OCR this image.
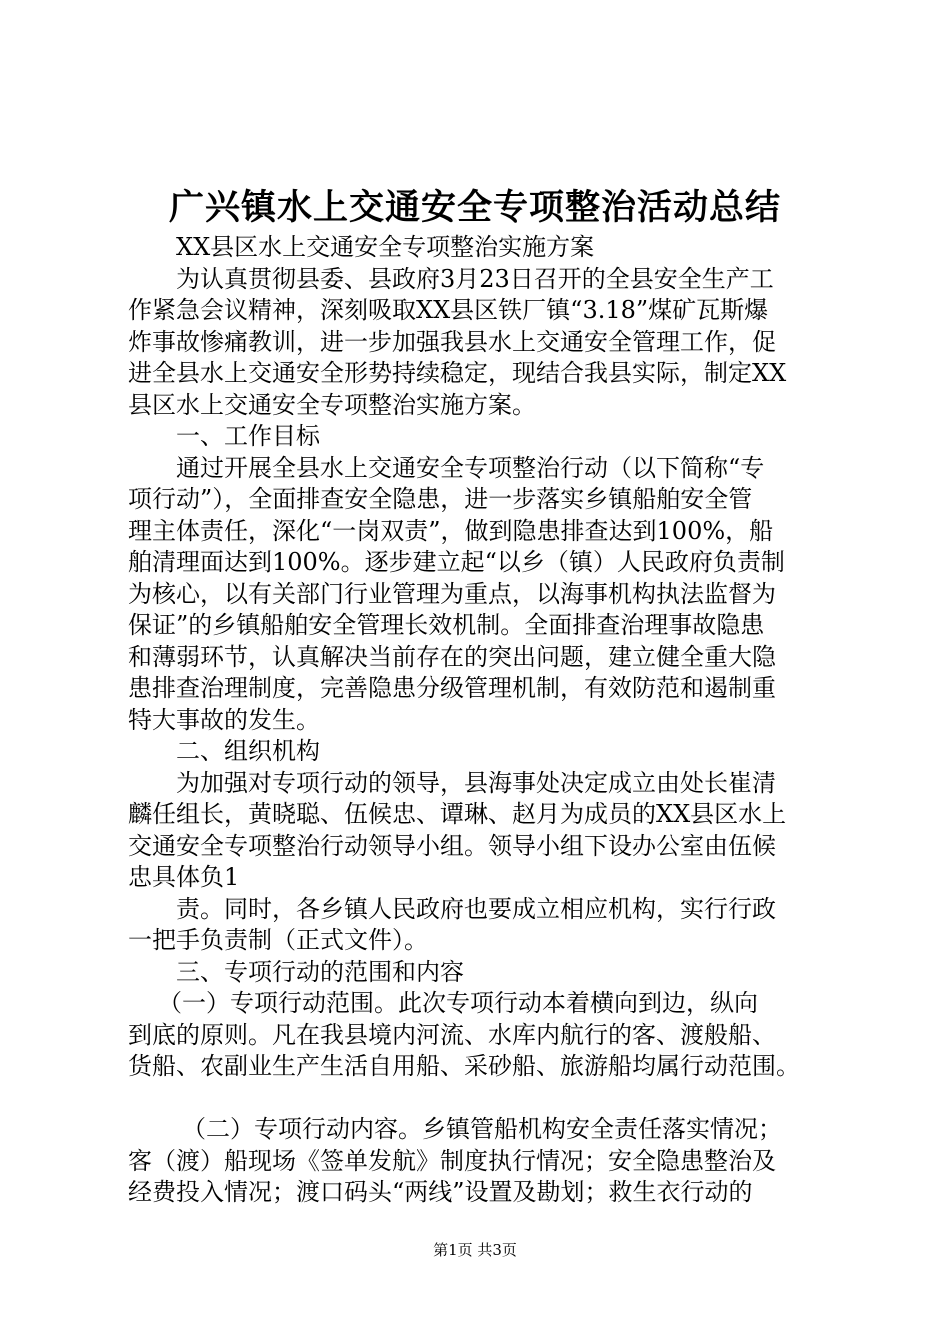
广兴镇水上交通安全专项整治活动总结
XX县区水上交通安全专项整治实施方案
为认真贯彻县委、县政府3月23日召开的全县安全生产工
作紧急会议精神，深刻吸取XX县区铁厂镇“3.18”煤矿瓦斯爆
炸事故惨痛教训，进一步加强我县水上交通安全管理工作，促
进全县水上交通安全形势持续稳定，现结合我县实际，制定XX
县区水上交通安全专项整治实施方案。
一、工作目标
通过开展全县水上交通安全专项整治行动（以下简称“专
项行动”），全面排查安全隐患，进一步落实乡镇船舶安全管
理主体责任，深化“一岗双责”，做到隐患排查达到100%，船
舶清理面达到100%。逐步建立起“以乡（镇）人民政府负责制
为核心，以有关部门行业管理为重点，以海事机构执法监督为
保证”的乡镇船舶安全管理长效机制。全面排查治理事故隐患
和薄弱环节，认真解决当前存在的突出问题，建立健全重大隐
患排查治理制度，完善隐患分级管理机制，有效防范和遏制重
特大事故的发生。
二、组织机构
为加强对专项行动的领导，县海事处决定成立由处长崔清
麟任组长，黄晓聪、伍候忠、谭琳、赵月为成员的XX县区水上
交通安全专项整治行动领导小组。领导小组下设办公室由伍候
忠具体负1
责。同时，各乡镇人民政府也要成立相应机构，实行行政
一把手负责制（正式文件）。
三、专项行动的范围和内容
（一）专项行动范围。此次专项行动本着横向到边，纵向
到底的原则。凡在我县境内河流、水库内航行的客、渡般船、
货船、农副业生产生活自用船、采砂船、旅游船均属行动范围。
（二）专项行动内容。乡镇管船机构安全责任落实情况；
客（渡）船现场《签单发航》制度执行情况；安全隐患整治及
经费投入情况；渡口码头“两线”设置及勘划；救生衣行动的
第1页 共3页
